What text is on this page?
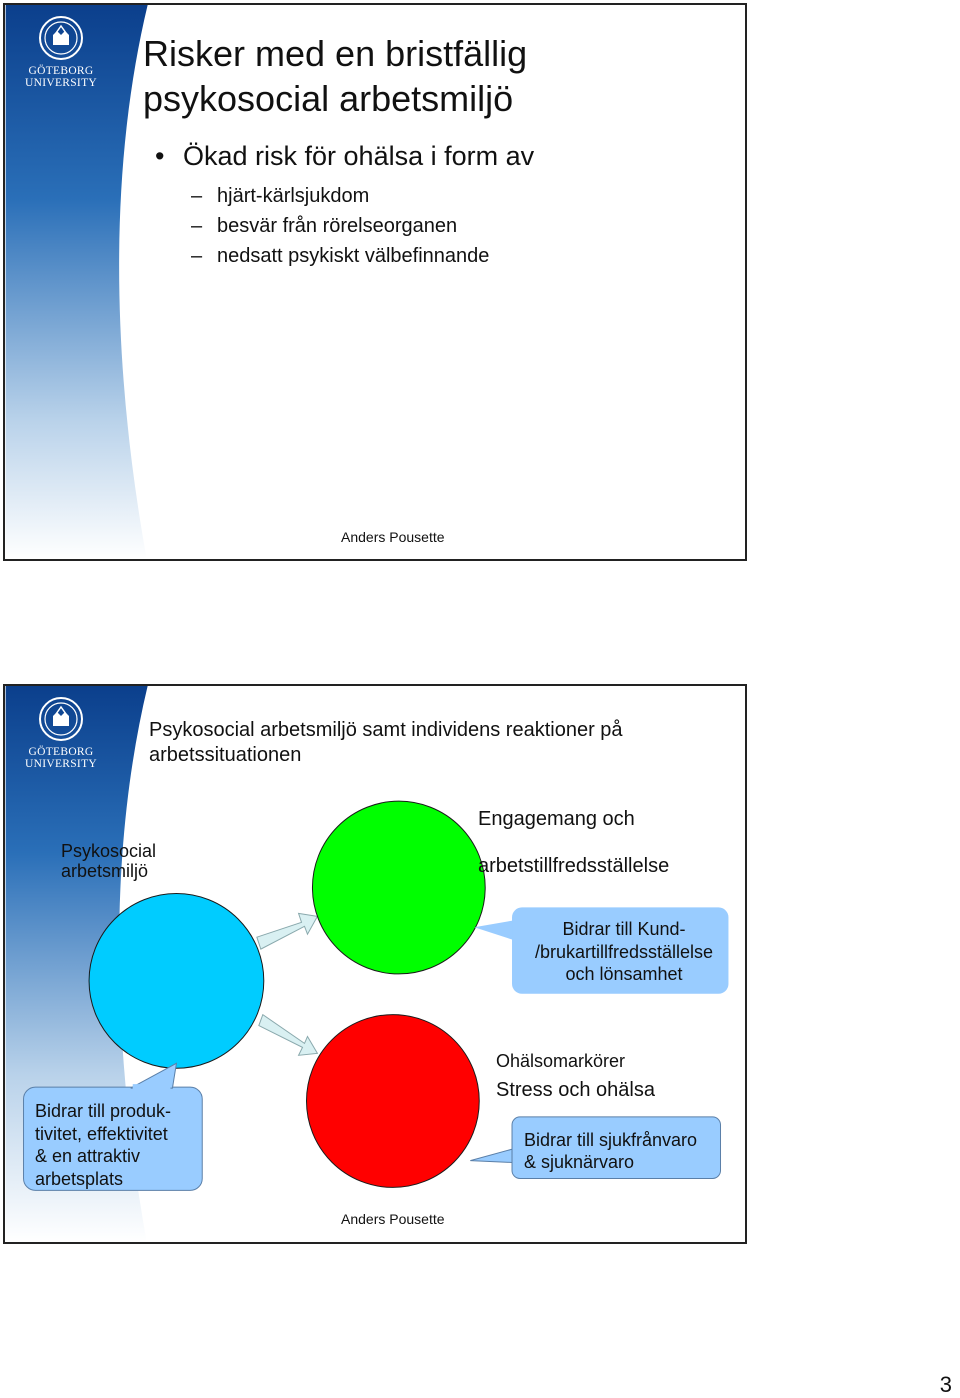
GÖTEBORG
UNIVERSITY
Risker med en bristfällig
psykosocial arbetsmiljö
• Ökad risk för ohälsa i form av
– hjärt-kärlsjukdom
– besvär från rörelseorganen
– nedsatt psykiskt välbefinnande
Anders Pousette
GÖTEBORG
UNIVERSITY
Psykosocial arbetsmiljö samt individens reaktioner på
arbetssituationen
Psykosocial
arbetsmiljö
Engagemang och
arbetstillfredsställelse
Bidrar till Kund-
/brukartillfredsställelse
och lönsamhet
Ohälsomarkörer
Stress och ohälsa
Bidrar till sjukfrånvaro
& sjuknärvaro
Bidrar till produk-
tivitet, effektivitet
& en attraktiv
arbetsplats
Anders Pousette
3
